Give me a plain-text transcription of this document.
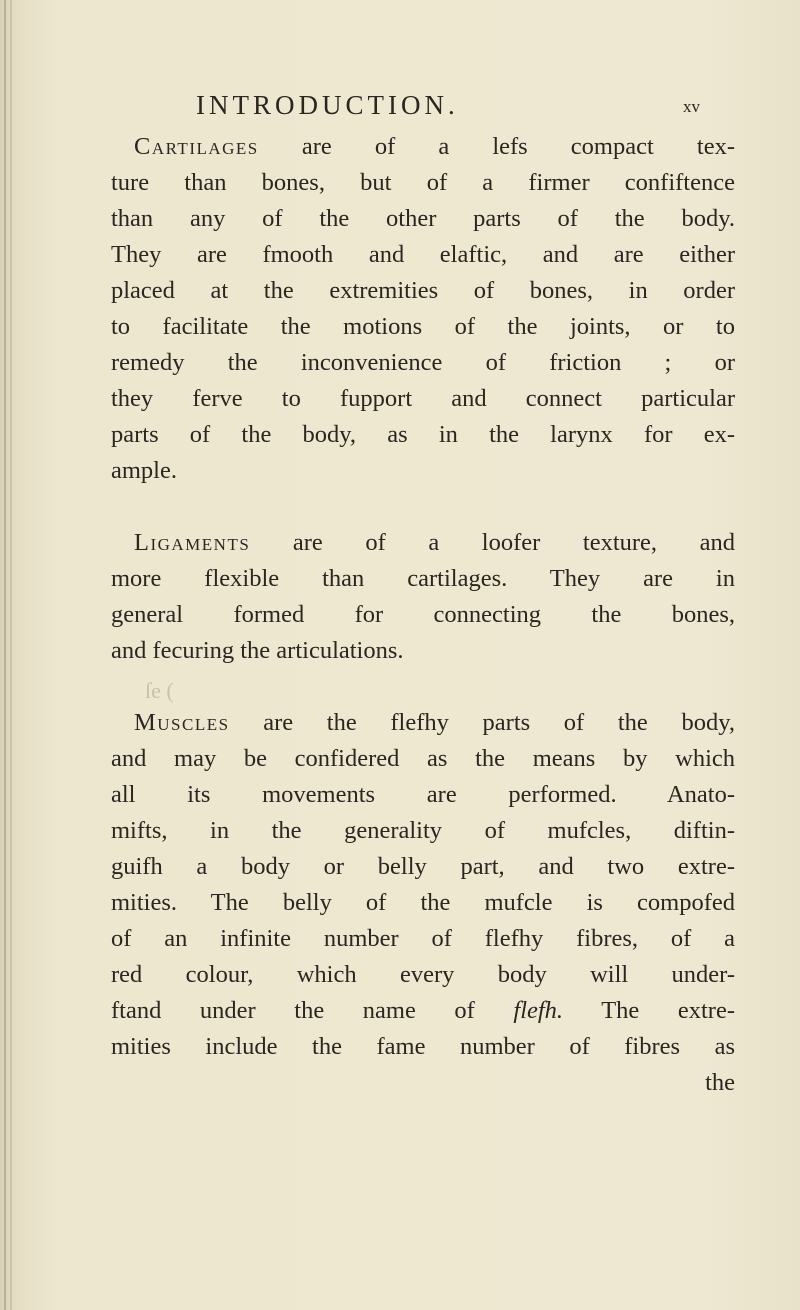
INTRODUCTION.	xv
ſe (
Cartilages are of a lefs compact tex-
ture than bones, but of a firmer confiftence
than any of the other parts of the body.
They are fmooth and elaftic, and are either
placed at the extremities of bones, in order
to facilitate the motions of the joints, or to
remedy the inconvenience of friction ; or
they ferve to fupport and connect particular
parts of the body, as in the larynx for ex-
ample.
Ligaments are of a loofer texture, and
more flexible than cartilages. They are in
general formed for connecting the bones,
and fecuring the articulations.
Muscles are the flefhy parts of the body,
and may be confidered as the means by which
all its movements are performed. Anato-
mifts, in the generality of mufcles, diftin-
guifh a body or belly part, and two extre-
mities. The belly of the mufcle is compofed
of an infinite number of flefhy fibres, of a
red colour, which every body will under-
ftand under the name of flefh. The extre-
mities include the fame number of fibres as
the
